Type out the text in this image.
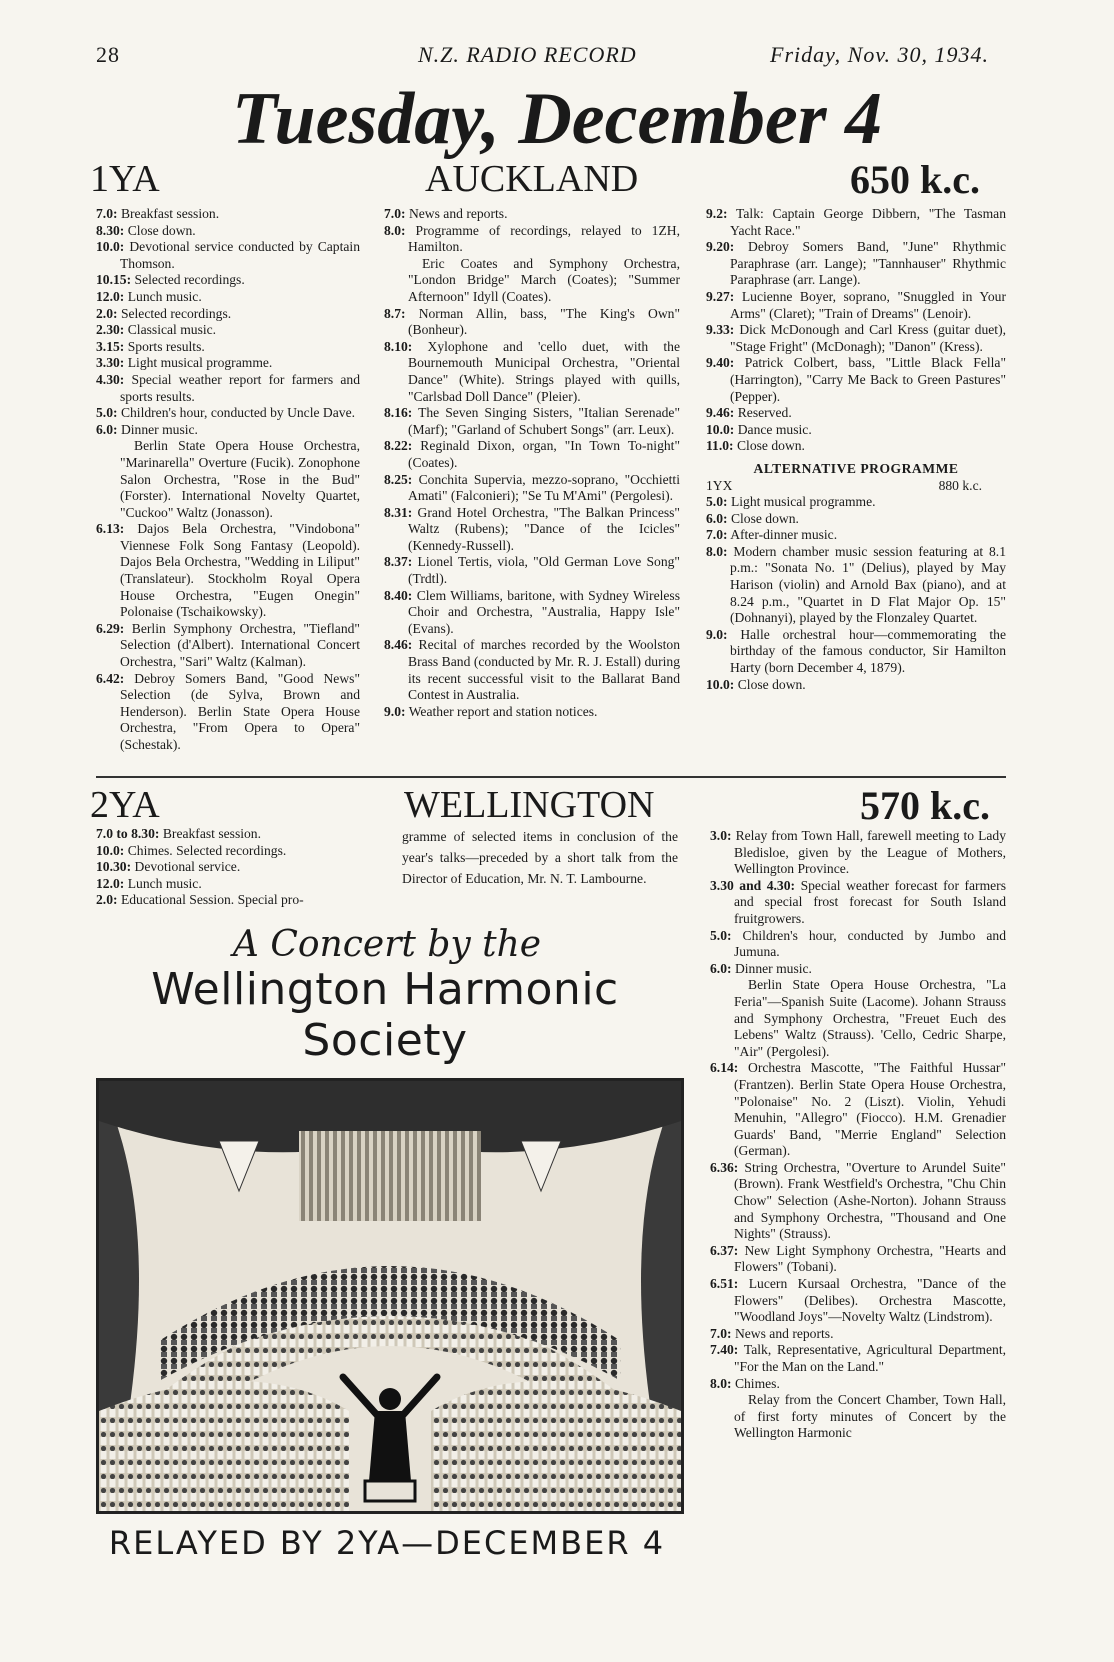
28	N.Z. RADIO RECORD	Friday, Nov. 30, 1934.
Tuesday, December 4
1YA	AUCKLAND	650 k.c.

7.0: Breakfast session.

8.30: Close down.

10.0: Devotional service conducted by Captain Thomson.

10.15: Selected recordings.

12.0: Lunch music.

2.0: Selected recordings.

2.30: Classical music.

3.15: Sports results.

3.30: Light musical programme.

4.30: Special weather report for farmers and sports results.

5.0: Children's hour, conducted by Uncle Dave.

6.0: Dinner music.

Berlin State Opera House Orchestra, "Marinarella" Overture (Fucik). Zonophone Salon Orchestra, "Rose in the Bud" (Forster). International Novelty Quartet, "Cuckoo" Waltz (Jonasson).

6.13: Dajos Bela Orchestra, "Vindobona" Viennese Folk Song Fantasy (Leopold). Dajos Bela Orchestra, "Wedding in Liliput" (Translateur). Stockholm Royal Opera House Orchestra, "Eugen Onegin" Polonaise (Tschaikowsky).

6.29: Berlin Symphony Orchestra, "Tiefland" Selection (d'Albert). International Concert Orchestra, "Sari" Waltz (Kalman).

6.42: Debroy Somers Band, "Good News" Selection (de Sylva, Brown and Henderson). Berlin State Opera House Orchestra, "From Opera to Opera" (Schestak).

7.0: News and reports.

8.0: Programme of recordings, relayed to 1ZH, Hamilton.

Eric Coates and Symphony Orchestra, "London Bridge" March (Coates); "Summer Afternoon" Idyll (Coates).

8.7: Norman Allin, bass, "The King's Own" (Bonheur).

8.10: Xylophone and 'cello duet, with the Bournemouth Municipal Orchestra, "Oriental Dance" (White). Strings played with quills, "Carlsbad Doll Dance" (Pleier).

8.16: The Seven Singing Sisters, "Italian Serenade" (Marf); "Garland of Schubert Songs" (arr. Leux).

8.22: Reginald Dixon, organ, "In Town To-night" (Coates).

8.25: Conchita Supervia, mezzo-soprano, "Occhietti Amati" (Falconieri); "Se Tu M'Ami" (Pergolesi).

8.31: Grand Hotel Orchestra, "The Balkan Princess" Waltz (Rubens); "Dance of the Icicles" (Kennedy-Russell).

8.37: Lionel Tertis, viola, "Old German Love Song" (Trdtl).

8.40: Clem Williams, baritone, with Sydney Wireless Choir and Orchestra, "Australia, Happy Isle" (Evans).

8.46: Recital of marches recorded by the Woolston Brass Band (conducted by Mr. R. J. Estall) during its recent successful visit to the Ballarat Band Contest in Australia.

9.0: Weather report and station notices.

9.2: Talk: Captain George Dibbern, "The Tasman Yacht Race."

9.20: Debroy Somers Band, "June" Rhythmic Paraphrase (arr. Lange); "Tannhauser" Rhythmic Paraphrase (arr. Lange).

9.27: Lucienne Boyer, soprano, "Snuggled in Your Arms" (Claret); "Train of Dreams" (Lenoir).

9.33: Dick McDonough and Carl Kress (guitar duet), "Stage Fright" (McDonagh); "Danon" (Kress).

9.40: Patrick Colbert, bass, "Little Black Fella" (Harrington), "Carry Me Back to Green Pastures" (Pepper).

9.46: Reserved.

10.0: Dance music.

11.0: Close down.

ALTERNATIVE PROGRAMME
1YX	880 k.c.

5.0: Light musical programme.

6.0: Close down.

7.0: After-dinner music.

8.0: Modern chamber music session featuring at 8.1 p.m.: "Sonata No. 1" (Delius), played by May Harison (violin) and Arnold Bax (piano), and at 8.24 p.m., "Quartet in D Flat Major Op. 15" (Dohnanyi), played by the Flonzaley Quartet.

9.0: Halle orchestral hour—commemorating the birthday of the famous conductor, Sir Hamilton Harty (born December 4, 1879).

10.0: Close down.

2YA	WELLINGTON	570 k.c.

7.0 to 8.30: Breakfast session.

10.0: Chimes. Selected recordings.

10.30: Devotional service.

12.0: Lunch music.

2.0: Educational Session. Special pro-

gramme of selected items in conclusion of the year's talks—preceded by a short talk from the Director of Education, Mr. N. T. Lambourne.

3.0: Relay from Town Hall, farewell meeting to Lady Bledisloe, given by the League of Mothers, Wellington Province.

3.30 and 4.30: Special weather forecast for farmers and special frost forecast for South Island fruitgrowers.

5.0: Children's hour, conducted by Jumbo and Jumuna.

6.0: Dinner music.

Berlin State Opera House Orchestra, "La Feria"—Spanish Suite (Lacome). Johann Strauss and Symphony Orchestra, "Freuet Euch des Lebens" Waltz (Strauss). 'Cello, Cedric Sharpe, "Air" (Pergolesi).

6.14: Orchestra Mascotte, "The Faithful Hussar" (Frantzen). Berlin State Opera House Orchestra, "Polonaise" No. 2 (Liszt). Violin, Yehudi Menuhin, "Allegro" (Fiocco). H.M. Grenadier Guards' Band, "Merrie England" Selection (German).

6.36: String Orchestra, "Overture to Arundel Suite" (Brown). Frank Westfield's Orchestra, "Chu Chin Chow" Selection (Ashe-Norton). Johann Strauss and Symphony Orchestra, "Thousand and One Nights" (Strauss).

6.37: New Light Symphony Orchestra, "Hearts and Flowers" (Tobani).

6.51: Lucern Kursaal Orchestra, "Dance of the Flowers" (Delibes). Orchestra Mascotte, "Woodland Joys"—Novelty Waltz (Lindstrom).

7.0: News and reports.

7.40: Talk, Representative, Agricultural Department, "For the Man on the Land."

8.0: Chimes.

Relay from the Concert Chamber, Town Hall, of first forty minutes of Concert by the Wellington Harmonic

A Concert by the
Wellington Harmonic Society
RELAYED BY 2YA—DECEMBER 4
